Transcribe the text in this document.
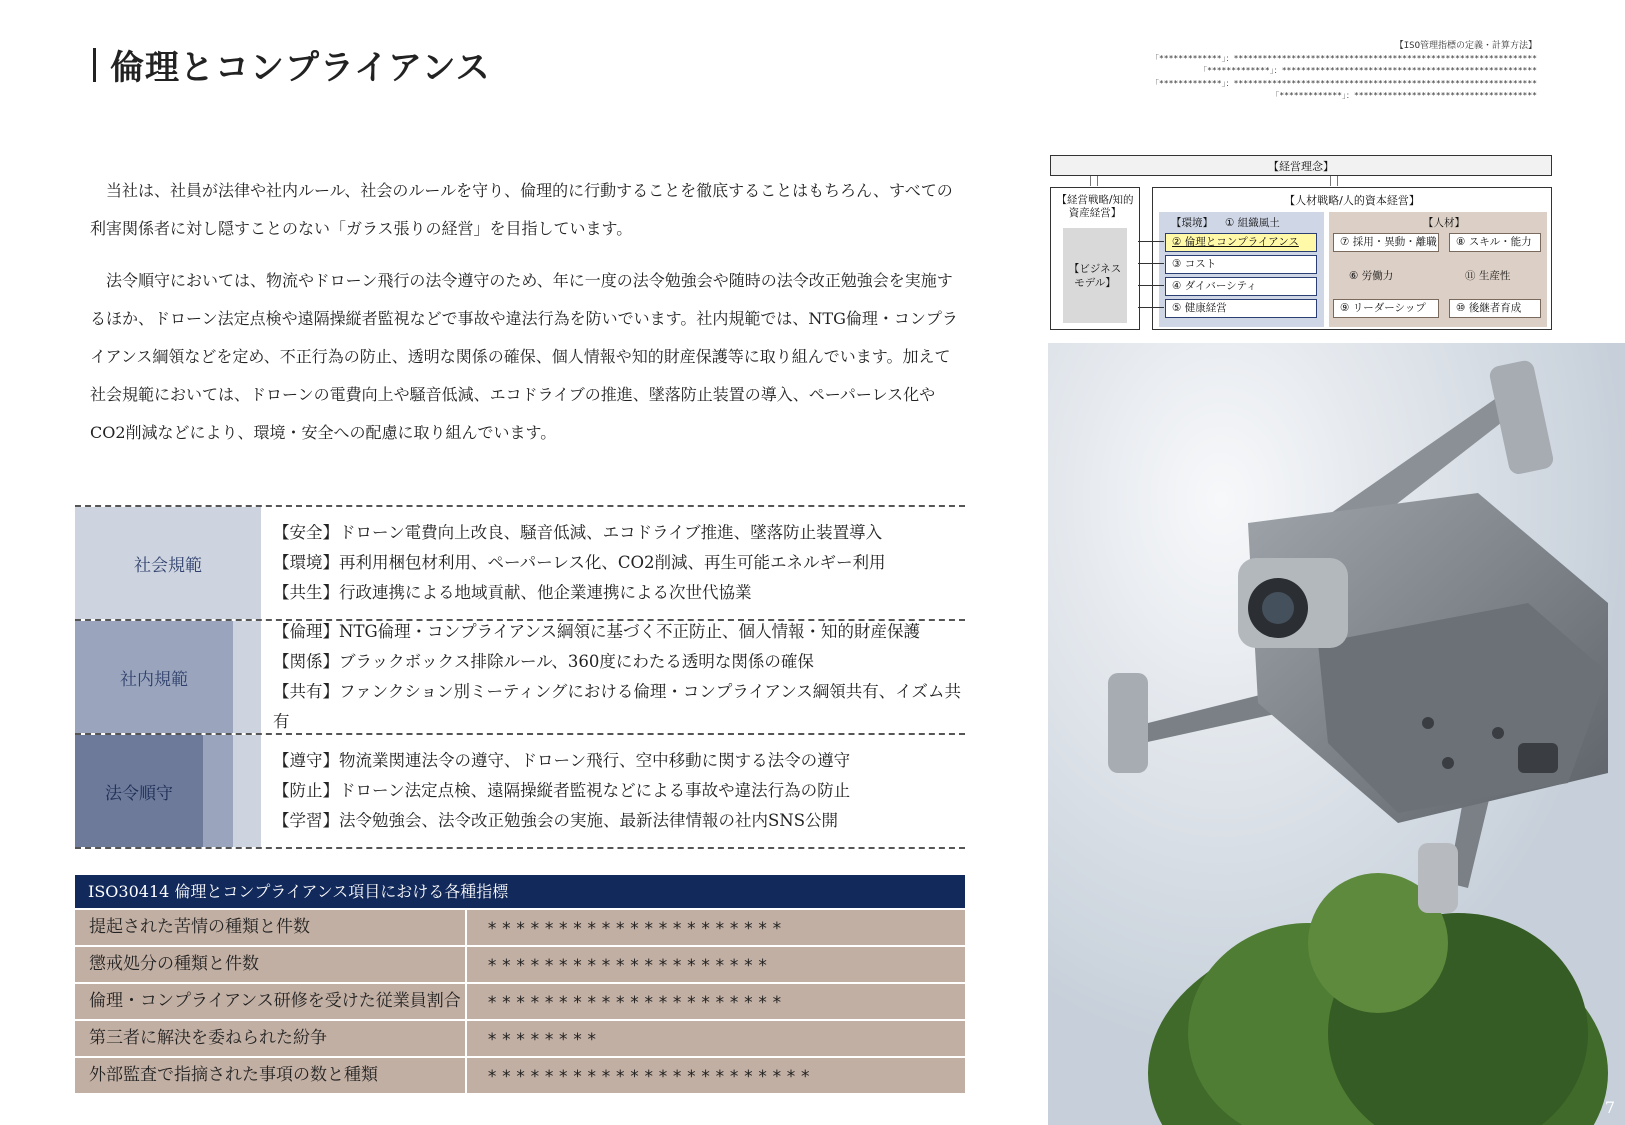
倫理とコンプライアンス
【ISO管理指標の定義・計算方法】
「*************」：***************************************************************
「*************」：*****************************************************
「*************」：***************************************************************
「*************」：**************************************

当社は、社員が法律や社内ルール、社会のルールを守り、倫理的に行動することを徹底することはもちろん、すべての利害関係者に対し隠すことのない「ガラス張りの経営」を目指しています。

法令順守においては、物流やドローン飛行の法令遵守のため、年に一度の法令勉強会や随時の法令改正勉強会を実施するほか、ドローン法定点検や遠隔操縦者監視などで事故や違法行為を防いでいます。社内規範では、NTG倫理・コンプライアンス綱領などを定め、不正行為の防止、透明な関係の確保、個人情報や知的財産保護等に取り組んでいます。加えて社会規範においては、ドローンの電費向上や騒音低減、エコドライブの推進、墜落防止装置の導入、ペーパーレス化やCO2削減などにより、環境・安全への配慮に取り組んでいます。

社会規範
【安全】ドローン電費向上改良、騒音低減、エコドライブ推進、墜落防止装置導入
【環境】再利用梱包材利用、ペーパーレス化、CO2削減、再生可能エネルギー利用
【共生】行政連携による地域貢献、他企業連携による次世代協業
社内規範
【倫理】NTG倫理・コンプライアンス綱領に基づく不正防止、個人情報・知的財産保護
【関係】ブラックボックス排除ルール、360度にわたる透明な関係の確保
【共有】ファンクション別ミーティングにおける倫理・コンプライアンス綱領共有、イズム共有
法令順守
【遵守】物流業関連法令の遵守、ドローン飛行、空中移動に関する法令の遵守
【防止】ドローン法定点検、遠隔操縦者監視などによる事故や違法行為の防止
【学習】法令勉強会、法令改正勉強会の実施、最新法律情報の社内SNS公開
ISO30414 倫理とコンプライアンス項目における各種指標
提起された苦情の種類と件数	*********************
懲戒処分の種類と件数	********************
倫理・コンプライアンス研修を受けた従業員割合	*********************
第三者に解決を委ねられた紛争	********
外部監査で指摘された事項の数と種類	***********************
【経営理念】
【経営戦略/知的資産経営】
【ビジネスモデル】
【人材戦略/人的資本経営】
【環境】 ① 組織風土	【人材】
② 倫理とコンプライアンス
③ コスト
④ ダイバーシティ
⑤ 健康経営
⑦ 採用・異動・離職	⑧ スキル・能力
⑥ 労働力	⑪ 生産性
⑨ リーダーシップ	⑩ 後継者育成
7
